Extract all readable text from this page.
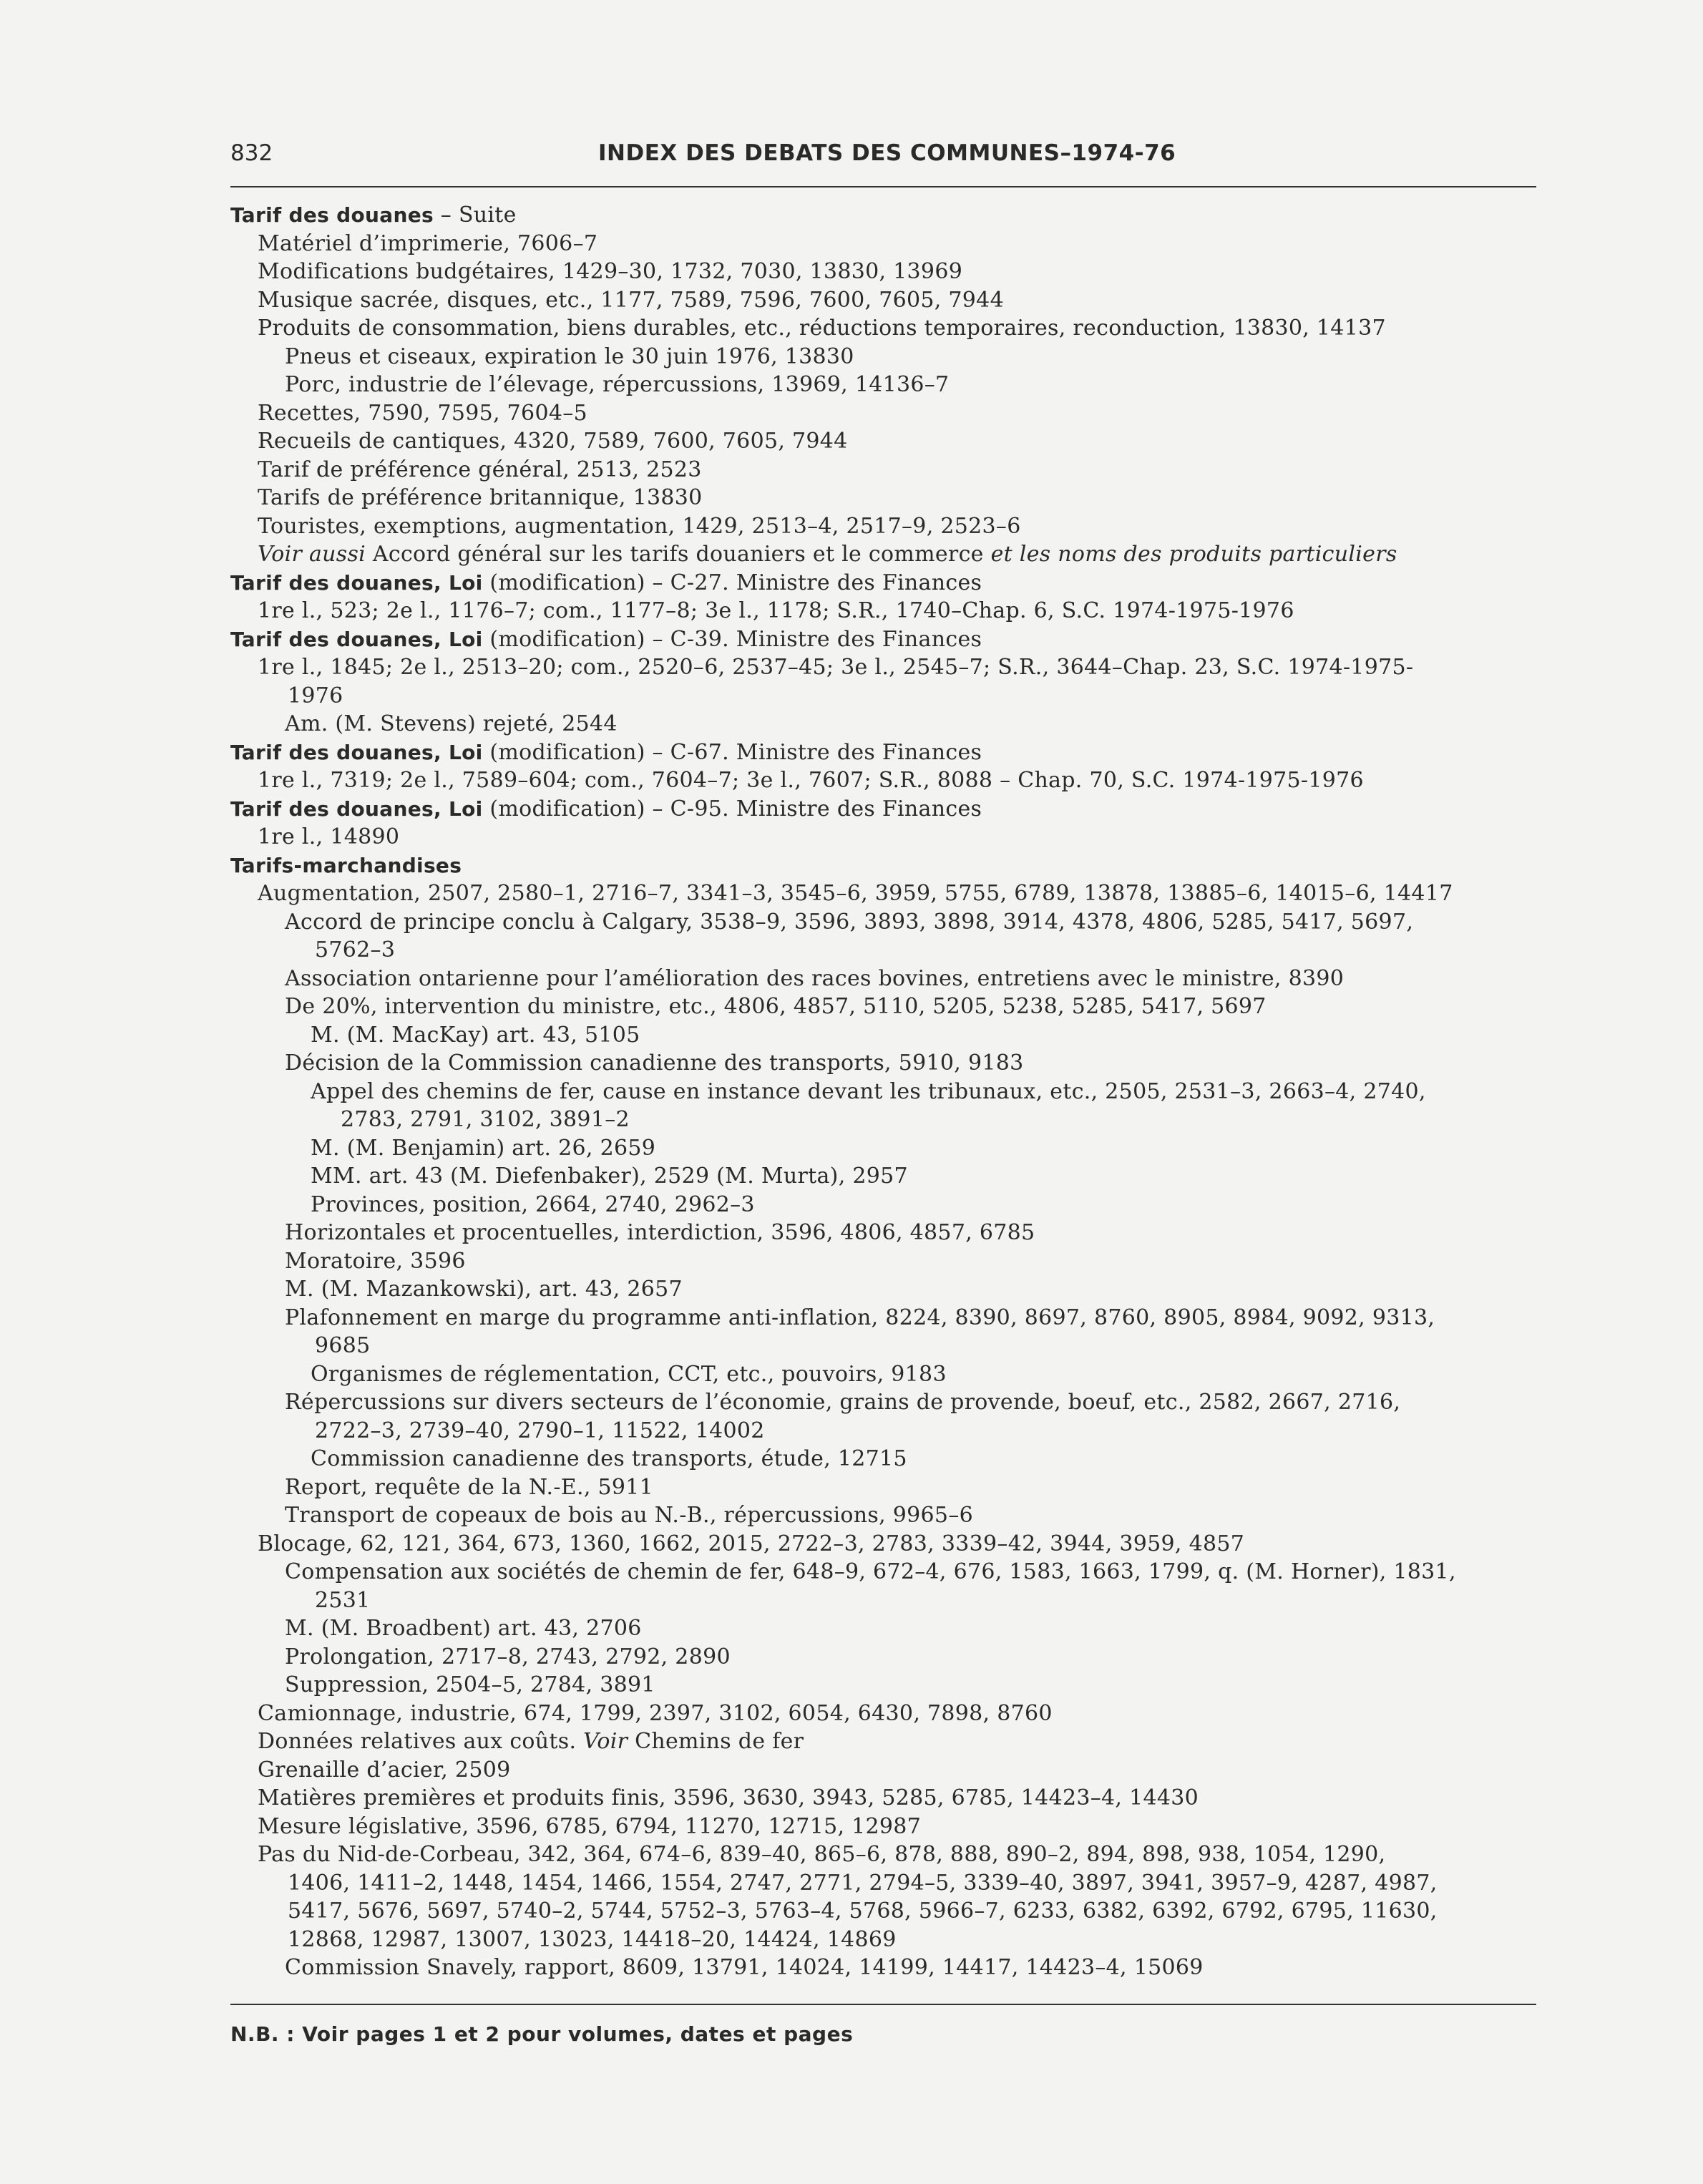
832	INDEX DES DEBATS DES COMMUNES–1974-76
Tarif des douanes – Suite
Matériel d’imprimerie, 7606–7
Modifications budgétaires, 1429–30, 1732, 7030, 13830, 13969
Musique sacrée, disques, etc., 1177, 7589, 7596, 7600, 7605, 7944
Produits de consommation, biens durables, etc., réductions temporaires, reconduction, 13830, 14137
Pneus et ciseaux, expiration le 30 juin 1976, 13830
Porc, industrie de l’élevage, répercussions, 13969, 14136–7
Recettes, 7590, 7595, 7604–5
Recueils de cantiques, 4320, 7589, 7600, 7605, 7944
Tarif de préférence général, 2513, 2523
Tarifs de préférence britannique, 13830
Touristes, exemptions, augmentation, 1429, 2513–4, 2517–9, 2523–6
Voir aussi Accord général sur les tarifs douaniers et le commerce et les noms des produits particuliers
Tarif des douanes, Loi (modification) – C-27. Ministre des Finances
1re l., 523; 2e l., 1176–7; com., 1177–8; 3e l., 1178; S.R., 1740–Chap. 6, S.C. 1974-1975-1976
Tarif des douanes, Loi (modification) – C-39. Ministre des Finances
1re l., 1845; 2e l., 2513–20; com., 2520–6, 2537–45; 3e l., 2545–7; S.R., 3644–Chap. 23, S.C. 1974-1975-
1976
Am. (M. Stevens) rejeté, 2544
Tarif des douanes, Loi (modification) – C-67. Ministre des Finances
1re l., 7319; 2e l., 7589–604; com., 7604–7; 3e l., 7607; S.R., 8088 – Chap. 70, S.C. 1974-1975-1976
Tarif des douanes, Loi (modification) – C-95. Ministre des Finances
1re l., 14890
Tarifs-marchandises
Augmentation, 2507, 2580–1, 2716–7, 3341–3, 3545–6, 3959, 5755, 6789, 13878, 13885–6, 14015–6, 14417
Accord de principe conclu à Calgary, 3538–9, 3596, 3893, 3898, 3914, 4378, 4806, 5285, 5417, 5697,
5762–3
Association ontarienne pour l’amélioration des races bovines, entretiens avec le ministre, 8390
De 20%, intervention du ministre, etc., 4806, 4857, 5110, 5205, 5238, 5285, 5417, 5697
M. (M. MacKay) art. 43, 5105
Décision de la Commission canadienne des transports, 5910, 9183
Appel des chemins de fer, cause en instance devant les tribunaux, etc., 2505, 2531–3, 2663–4, 2740,
2783, 2791, 3102, 3891–2
M. (M. Benjamin) art. 26, 2659
MM. art. 43 (M. Diefenbaker), 2529 (M. Murta), 2957
Provinces, position, 2664, 2740, 2962–3
Horizontales et procentuelles, interdiction, 3596, 4806, 4857, 6785
Moratoire, 3596
M. (M. Mazankowski), art. 43, 2657
Plafonnement en marge du programme anti-inflation, 8224, 8390, 8697, 8760, 8905, 8984, 9092, 9313,
9685
Organismes de réglementation, CCT, etc., pouvoirs, 9183
Répercussions sur divers secteurs de l’économie, grains de provende, boeuf, etc., 2582, 2667, 2716,
2722–3, 2739–40, 2790–1, 11522, 14002
Commission canadienne des transports, étude, 12715
Report, requête de la N.-E., 5911
Transport de copeaux de bois au N.-B., répercussions, 9965–6
Blocage, 62, 121, 364, 673, 1360, 1662, 2015, 2722–3, 2783, 3339–42, 3944, 3959, 4857
Compensation aux sociétés de chemin de fer, 648–9, 672–4, 676, 1583, 1663, 1799, q. (M. Horner), 1831,
2531
M. (M. Broadbent) art. 43, 2706
Prolongation, 2717–8, 2743, 2792, 2890
Suppression, 2504–5, 2784, 3891
Camionnage, industrie, 674, 1799, 2397, 3102, 6054, 6430, 7898, 8760
Données relatives aux coûts. Voir Chemins de fer
Grenaille d’acier, 2509
Matières premières et produits finis, 3596, 3630, 3943, 5285, 6785, 14423–4, 14430
Mesure législative, 3596, 6785, 6794, 11270, 12715, 12987
Pas du Nid-de-Corbeau, 342, 364, 674–6, 839–40, 865–6, 878, 888, 890–2, 894, 898, 938, 1054, 1290,
1406, 1411–2, 1448, 1454, 1466, 1554, 2747, 2771, 2794–5, 3339–40, 3897, 3941, 3957–9, 4287, 4987,
5417, 5676, 5697, 5740–2, 5744, 5752–3, 5763–4, 5768, 5966–7, 6233, 6382, 6392, 6792, 6795, 11630,
12868, 12987, 13007, 13023, 14418–20, 14424, 14869
Commission Snavely, rapport, 8609, 13791, 14024, 14199, 14417, 14423–4, 15069
N.B. : Voir pages 1 et 2 pour volumes, dates et pages
